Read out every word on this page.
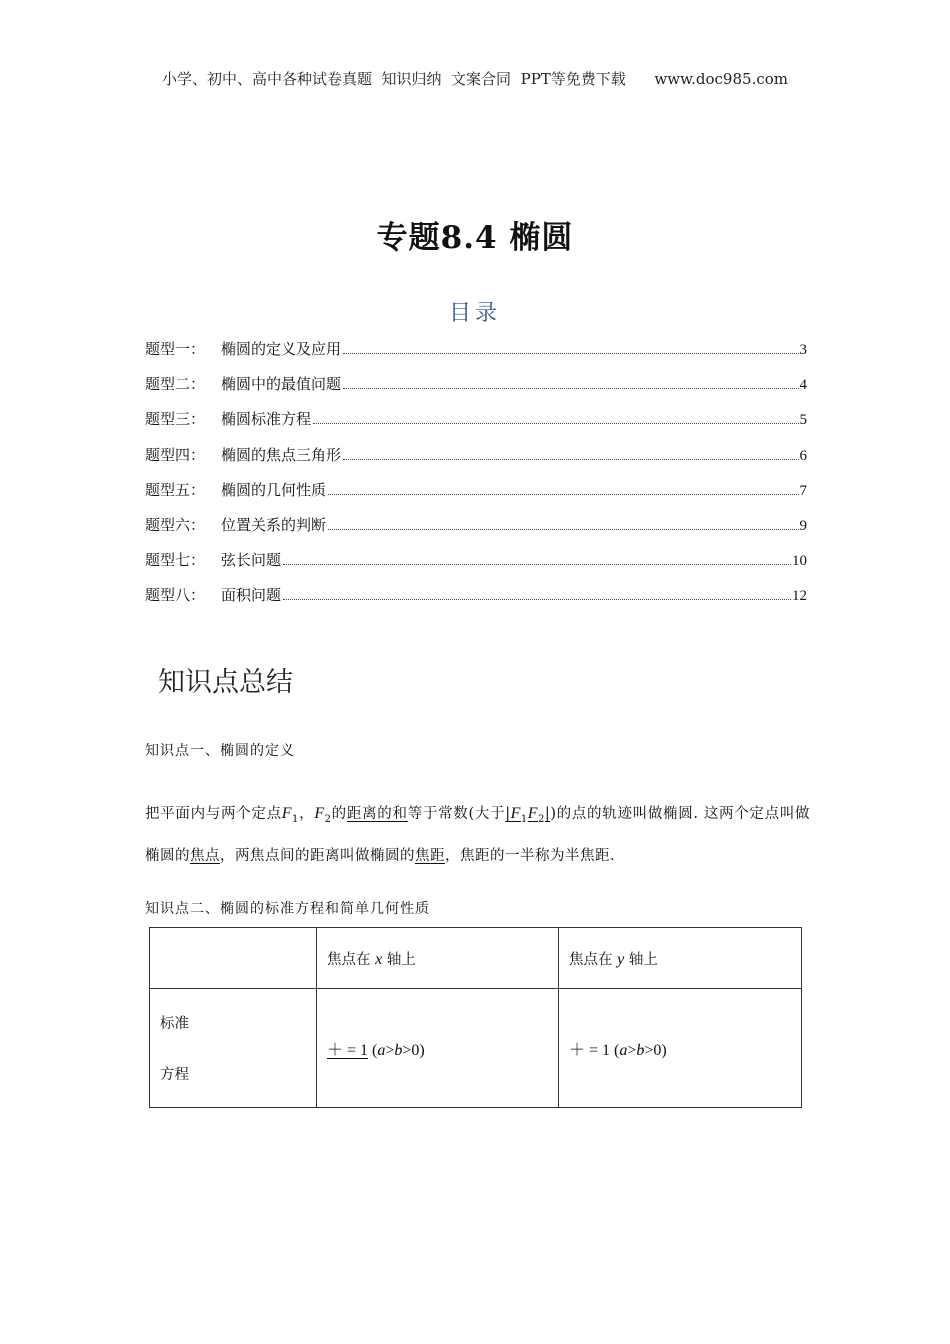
小学、初中、高中各种试卷真题  知识归纳  文案合同  PPT等免费下载      www.doc985.com
专题8.4 椭圆
目录
题型一：	椭圆的定义及应用	3
题型二：	椭圆中的最值问题	4
题型三：	椭圆标准方程	5
题型四：	椭圆的焦点三角形	6
题型五：	椭圆的几何性质	7
题型六：	位置关系的判断	9
题型七：	弦长问题	10
题型八：	面积问题	12
知识点总结
知识点一、椭圆的定义
把平面内与两个定点$F_1$，$F_2$的距离的和等于常数(大于$|F_1F_2|$)的点的轨迹叫做椭圆. 这两个定点叫做椭圆的焦点，两焦点间的距离叫做椭圆的焦距，焦距的一半称为半焦距.
知识点二、椭圆的标准方程和简单几何性质
	焦点在 x 轴上	焦点在 y 轴上

标准
方程	＋ = 1 (a>b>0)	＋ = 1 (a>b>0)
